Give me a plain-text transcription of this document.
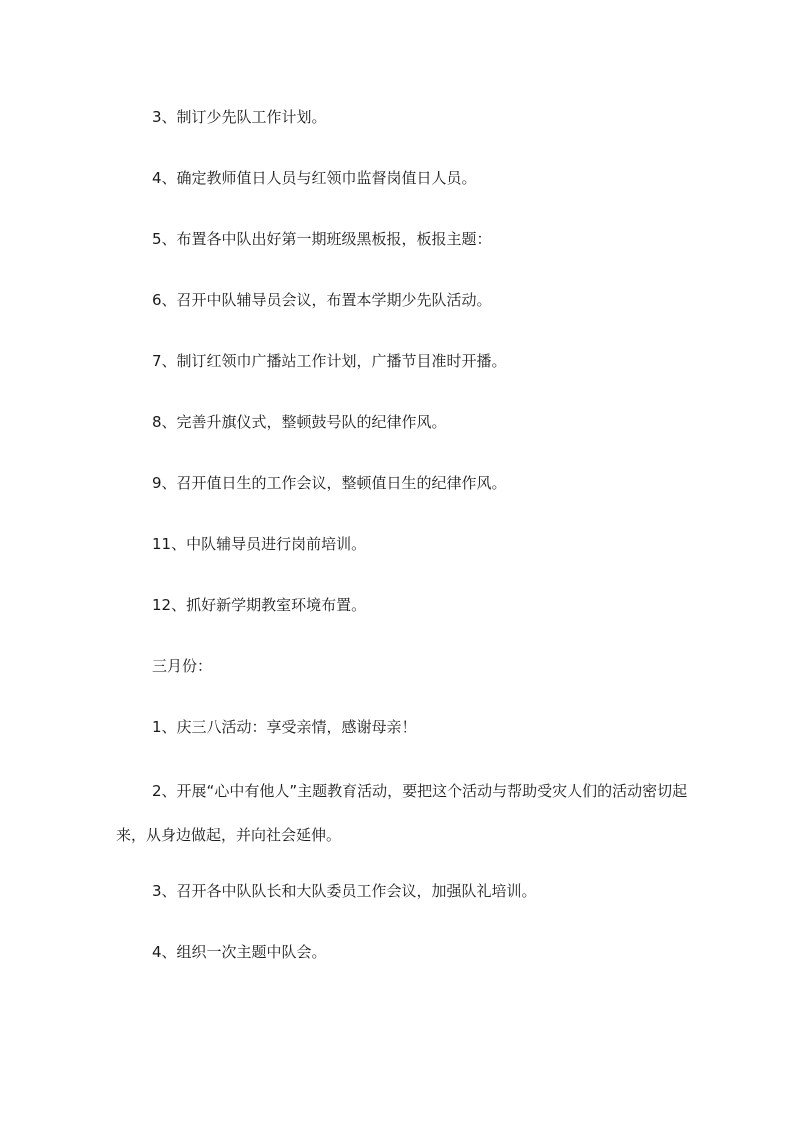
3、制订少先队工作计划。

4、确定教师值日人员与红领巾监督岗值日人员。

5、布置各中队出好第一期班级黑板报，板报主题：

6、召开中队辅导员会议，布置本学期少先队活动。

7、制订红领巾广播站工作计划，广播节目准时开播。

8、完善升旗仪式，整顿鼓号队的纪律作风。

9、召开值日生的工作会议，整顿值日生的纪律作风。

11、中队辅导员进行岗前培训。

12、抓好新学期教室环境布置。

三月份：

1、庆三八活动：享受亲情，感谢母亲！

2、开展“心中有他人”主题教育活动，要把这个活动与帮助受灾人们的活动密切起来，从身边做起，并向社会延伸。

3、召开各中队队长和大队委员工作会议，加强队礼培训。

4、组织一次主题中队会。
